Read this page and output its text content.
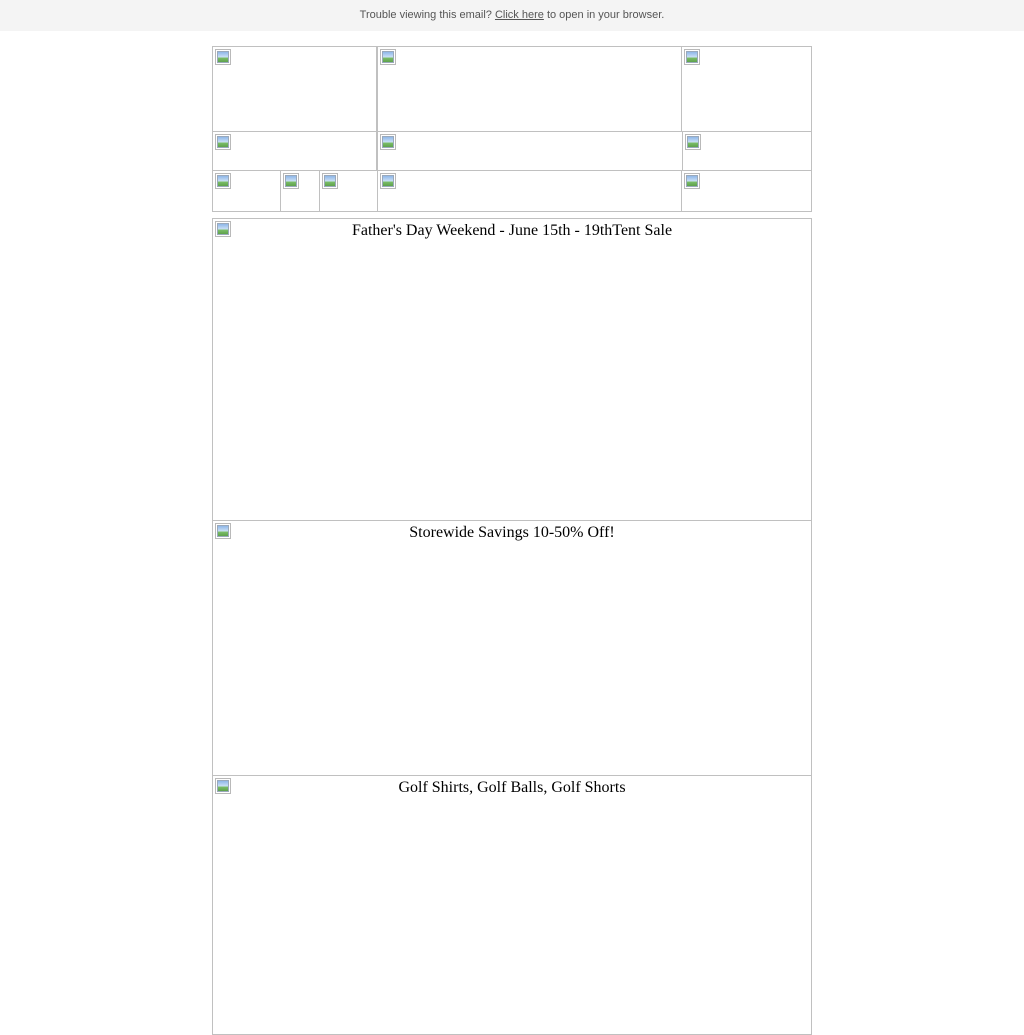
Trouble viewing this email? Click here to open in your browser.
Father's Day Weekend - June 15th - 19thTent Sale
Storewide Savings 10-50% Off!
Golf Shirts, Golf Balls, Golf Shorts
